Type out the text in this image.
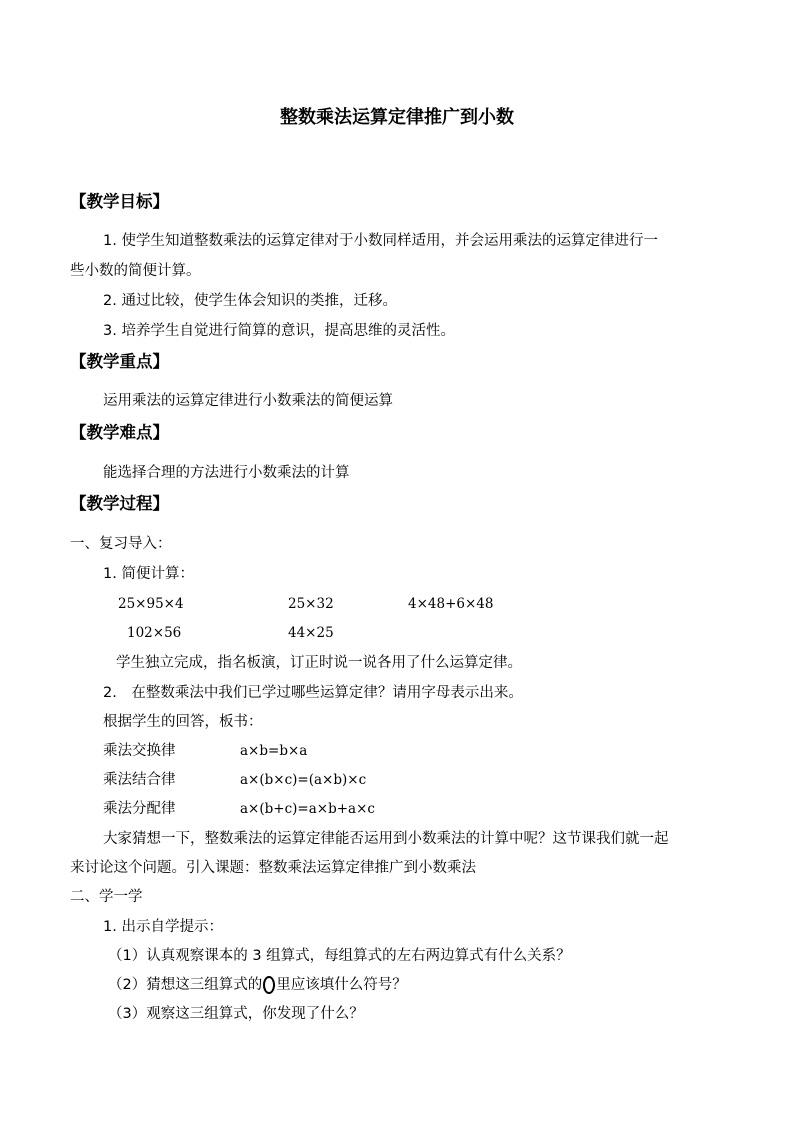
整数乘法运算定律推广到小数
【教学目标】
1. 使学生知道整数乘法的运算定律对于小数同样适用，并会运用乘法的运算定律进行一
些小数的简便计算。
2. 通过比较，使学生体会知识的类推，迁移。
3. 培养学生自觉进行简算的意识，提高思维的灵活性。
【教学重点】
运用乘法的运算定律进行小数乘法的简便运算
【教学难点】
能选择合理的方法进行小数乘法的计算
【教学过程】
一、复习导入：
1. 简便计算：
25×95×4	25×32	4×48+6×48
102×56	44×25
学生独立完成，指名板演，订正时说一说各用了什么运算定律。
2.　在整数乘法中我们已学过哪些运算定律？请用字母表示出来。
根据学生的回答，板书：
乘法交换律	a×b=b×a
乘法结合律	a×(b×c)=(a×b)×c
乘法分配律	a×(b+c)=a×b+a×c
大家猜想一下，整数乘法的运算定律能否运用到小数乘法的计算中呢？这节课我们就一起
来讨论这个问题。引入课题：整数乘法运算定律推广到小数乘法
二、学一学
1. 出示自学提示：
（1）认真观察课本的 3 组算式，每组算式的左右两边算式有什么关系？
（2）猜想这三组算式的 里应该填什么符号？
（3）观察这三组算式，你发现了什么？
